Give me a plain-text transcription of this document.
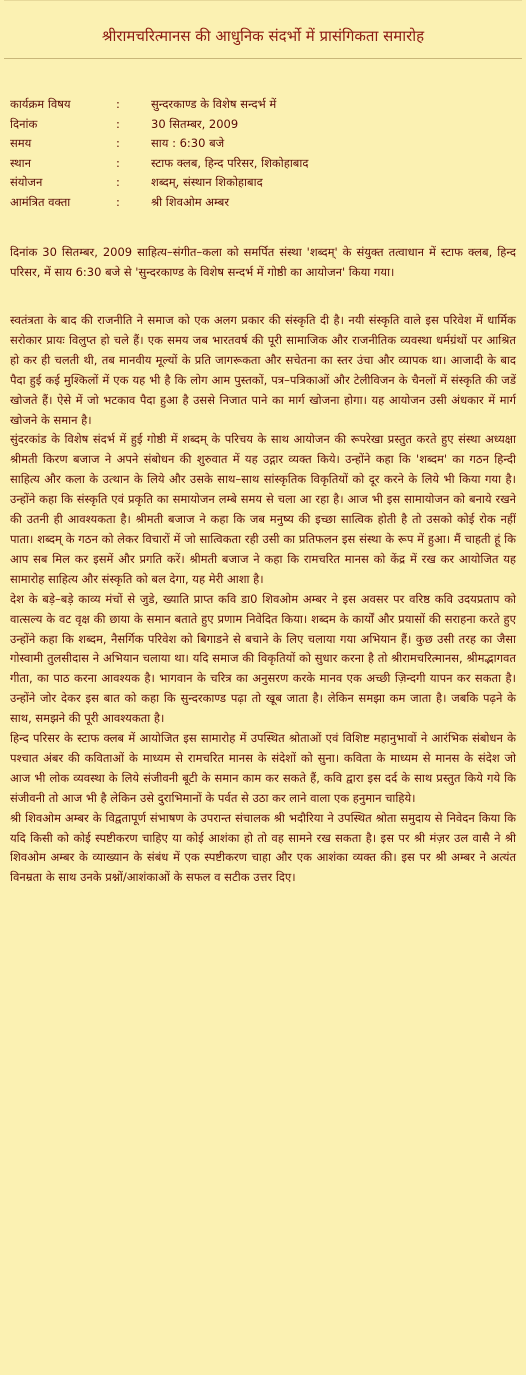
श्रीरामचरित्मानस की आधुनिक संदर्भो में प्रासंगिकता समारोह
कार्यक्रम विषय	:	सुन्दरकाण्ड के विशेष सन्दर्भ में
दिनांक	:	30 सितम्बर, 2009
समय	:	साय : 6:30 बजे
स्थान	:	स्टाफ क्लब, हिन्द परिसर, शिकोहाबाद
संयोजन	:	शब्दम्, संस्थान शिकोहाबाद
आमंत्रित वक्ता	:	श्री शिवओम अम्बर

दिनांक 30 सितम्बर, 2009 साहित्य–संगीत–कला को समर्पित संस्था 'शब्दम्' के संयुक्त तत्वाधान में स्टाफ क्लब, हिन्द परिसर, में साय 6:30 बजे से 'सुन्दरकाण्ड के विशेष सन्दर्भ में गोष्ठी का आयोजन' किया गया।

स्वतंत्रता के बाद की राजनीति ने समाज को एक अलग प्रकार की संस्कृति दी है। नयी संस्कृति वाले इस परिवेश में धार्मिक सरोकार प्रायः विलुप्त हो चले हैं। एक समय जब भारतवर्ष की पूरी सामाजिक और राजनीतिक व्यवस्था धर्मग्रंथों पर आश्रित हो कर ही चलती थी, तब मानवीय मूल्यों के प्रति जागरूकता और सचेतना का स्तर उंचा और व्यापक था। आजादी के बाद पैदा हुई कई मुश्किलों में एक यह भी है कि लोग आम पुस्तकों, पत्र–पत्रिकाओं और टेलीविजन के चैनलों में संस्कृति की जडें खोजते हैं। ऐसे में जो भटकाव पैदा हुआ है उससे निजात पाने का मार्ग खोजना होगा। यह आयोजन उसी अंधकार में मार्ग खोजने के समान है।

सुंदरकांड के विशेष संदर्भ में हुई गोष्ठी में शब्दम् के परिचय के साथ आयोजन की रूपरेखा प्रस्तुत करते हुए संस्था अध्यक्षा श्रीमती किरण बजाज ने अपने संबोधन की शुरुवात में यह उद्गार व्यक्त किये। उन्होंने कहा कि 'शब्दम' का गठन हिन्दी साहित्य और कला के उत्थान के लिये और उसके साथ–साथ सांस्कृतिक विकृतियों को दूर करने के लिये भी किया गया है। उन्होंने कहा कि संस्कृति एवं प्रकृति का समायोजन लम्बे समय से चला आ रहा है। आज भी इस सामायोजन को बनाये रखने की उतनी ही आवश्यकता है। श्रीमती बजाज ने कहा कि जब मनुष्य की इच्छा सात्विक होती है तो उसको कोई रोक नहीं पाता। शब्दम् के गठन को लेकर विचारों में जो सात्विकता रही उसी का प्रतिफलन इस संस्था के रूप में हुआ। मैं चाहती हूं कि आप सब मिल कर इसमें और प्रगति करें। श्रीमती बजाज ने कहा कि रामचरित मानस को केंद्र में रख कर आयोजित यह सामारोह साहित्य और संस्कृति को बल देगा, यह मेरी आशा है।

देश के बड़े–बड़े काव्य मंचों से जुडे, ख्याति प्राप्त कवि डा0 शिवओम अम्बर ने इस अवसर पर वरिष्ठ कवि उदयप्रताप को वात्सल्य के वट वृक्ष की छाया के समान बताते हुए प्रणाम निवेदित किया। शब्दम के कार्यों और प्रयासों की सराहना करते हुए उन्होंने कहा कि शब्दम, नैसर्गिक परिवेश को बिगाडने से बचाने के लिए चलाया गया अभियान हैं। कुछ उसी तरह का जैसा गोस्वामी तुलसीदास ने अभियान चलाया था। यदि समाज की विकृतियों को सुधार करना है तो श्रीरामचरित्मानस, श्रीमद्भागवत गीता, का पाठ करना आवश्यक है। भागवान के चरित्र का अनुसरण करके मानव एक अच्छी ज़िन्दगी यापन कर सकता है। उन्होंने जोर देकर इस बात को कहा कि सुन्दरकाण्ड पढ़ा तो खूब जाता है। लेकिन समझा कम जाता है। जबकि पढ़ने के साथ, समझने की पूरी आवश्यकता है।

हिन्द परिसर के स्टाफ क्लब में आयोजित इस सामारोह में उपस्थित श्रोताओं एवं विशिष्ट महानुभावों ने आरंभिक संबोधन के पश्चात अंबर की कविताओं के माध्यम से रामचरित मानस के संदेशों को सुना। कविता के माध्यम से मानस के संदेश जो आज भी लोक व्यवस्था के लिये संजीवनी बूटी के समान काम कर सकते हैं, कवि द्वारा इस दर्द के साथ प्रस्तुत किये गये कि संजीवनी तो आज भी है लेकिन उसे दुराभिमानों के पर्वत से उठा कर लाने वाला एक हनुमान चाहिये।

श्री शिवओम अम्बर के विद्वतापूर्ण संभाषण के उपरान्त संचालक श्री भदौरिया ने उपस्थित श्रोता समुदाय से निवेदन किया कि यदि किसी को कोई स्पष्टीकरण चाहिए या कोई आशंका हो तो वह सामने रख सकता है। इस पर श्री मंज़र उल वासै ने श्री शिवओम अम्बर के व्याख्यान के संबंध में एक स्पष्टीकरण चाहा और एक आशंका व्यक्त की। इस पर श्री अम्बर ने अत्यंत विनम्रता के साथ उनके प्रश्नों/आशंकाओं के सफल व सटीक उत्तर दिए।
